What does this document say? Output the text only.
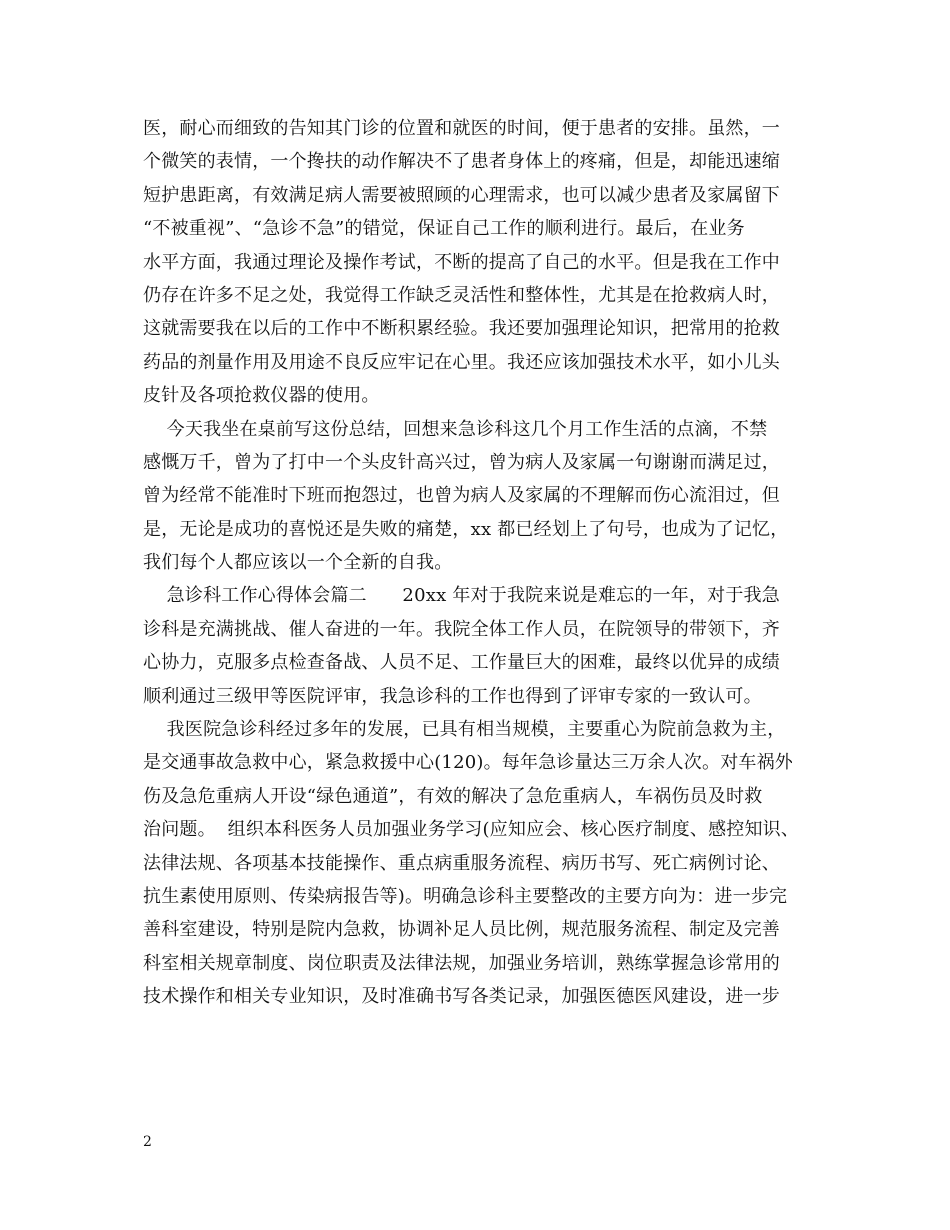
医，耐心而细致的告知其门诊的位置和就医的时间，便于患者的安排。虽然，一
个微笑的表情，一个搀扶的动作解决不了患者身体上的疼痛，但是，却能迅速缩
短护患距离，有效满足病人需要被照顾的心理需求，也可以减少患者及家属留下
“不被重视”、“急诊不急”的错觉，保证自己工作的顺利进行。最后，在业务
水平方面，我通过理论及操作考试，不断的提高了自己的水平。但是我在工作中
仍存在许多不足之处，我觉得工作缺乏灵活性和整体性，尤其是在抢救病人时，
这就需要我在以后的工作中不断积累经验。我还要加强理论知识，把常用的抢救
药品的剂量作用及用途不良反应牢记在心里。我还应该加强技术水平，如小儿头
皮针及各项抢救仪器的使用。
今天我坐在桌前写这份总结，回想来急诊科这几个月工作生活的点滴，不禁
感慨万千，曾为了打中一个头皮针高兴过，曾为病人及家属一句谢谢而满足过，
曾为经常不能准时下班而抱怨过，也曾为病人及家属的不理解而伤心流泪过，但
是，无论是成功的喜悦还是失败的痛楚，xx 都已经划上了句号，也成为了记忆，
我们每个人都应该以一个全新的自我。
急诊科工作心得体会篇二      20xx 年对于我院来说是难忘的一年，对于我急
诊科是充满挑战、催人奋进的一年。我院全体工作人员，在院领导的带领下，齐
心协力，克服多点检查备战、人员不足、工作量巨大的困难，最终以优异的成绩
顺利通过三级甲等医院评审，我急诊科的工作也得到了评审专家的一致认可。
我医院急诊科经过多年的发展，已具有相当规模，主要重心为院前急救为主，
是交通事故急救中心，紧急救援中心(120)。每年急诊量达三万余人次。对车祸外
伤及急危重病人开设“绿色通道”，有效的解决了急危重病人，车祸伤员及时救
治问题。  组织本科医务人员加强业务学习(应知应会、核心医疗制度、感控知识、
法律法规、各项基本技能操作、重点病重服务流程、病历书写、死亡病例讨论、
抗生素使用原则、传染病报告等)。明确急诊科主要整改的主要方向为：进一步完
善科室建设，特别是院内急救，协调补足人员比例，规范服务流程、制定及完善
科室相关规章制度、岗位职责及法律法规，加强业务培训，熟练掌握急诊常用的
技术操作和相关专业知识，及时准确书写各类记录，加强医德医风建设，进一步
2
